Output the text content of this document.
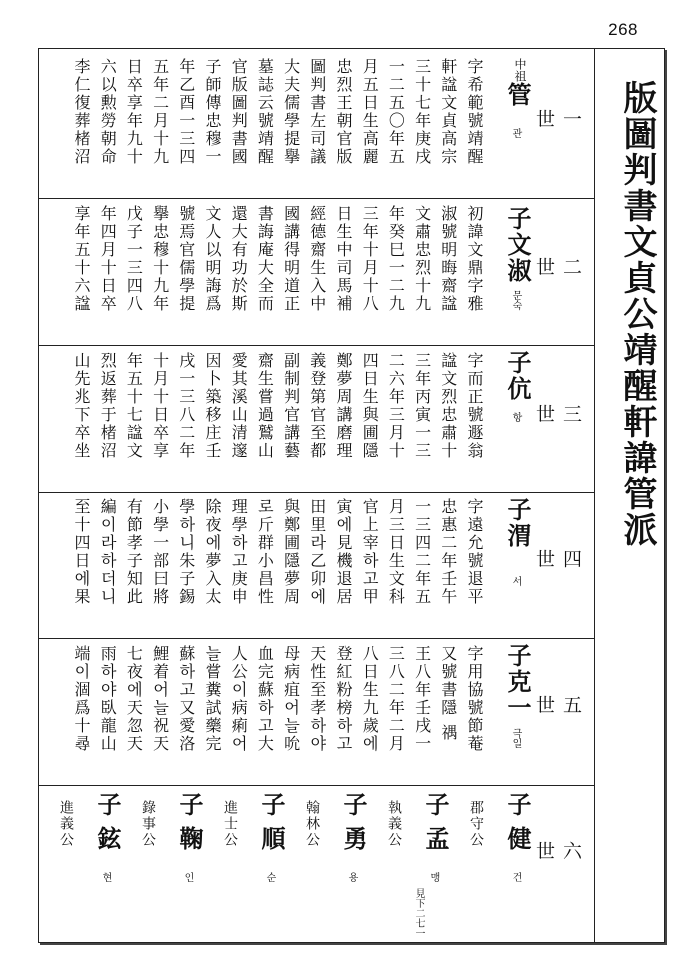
268
版圖判書文貞公靖醒軒諱管派
一 世
二 世
三 世
四 世
五 世
六 世
中祖
管
관
字希範號靖醒
軒諡文貞高宗
三十七年庚戌
一二五〇年五
月五日生高麗
忠烈王朝官版
圖判書左司議
大夫儒學提擧
墓誌云號靖醒
官版圖判書國
子師傳忠穆一
年乙酉一三四
五年二月十九
日卒享年九十
六以勲勞朝命
李仁復葬楮沼
子文淑
문숙
初諱文鼎字雅
淑號明晦齋諡
文肅忠烈十九
年癸巳一二九
三年十月十八
日生中司馬補
經德齋生入中
國講得明道正
書誨庵大全而
還大有功於斯
文人以明誨爲
號焉官儒學提
擧忠穆十九年
戊子一三四八
年四月十日卒
享年五十六諡
子伉
항
字而正號遯翁
諡文烈忠肅十
三年丙寅一三
二六年三月十
四日生與圃隱
鄭夢周講磨理
義登第官至都
副制判官講藝
齋生嘗過鷲山
愛其溪山清邃
因卜築移庄壬
戌一三八二年
十月十日卒享
年五十七諡文
烈返葬于楮沼
山先兆下卒坐
子渭
서
字遠允號退平
忠惠二年壬午
一三四二年五
月三日生文科
官上宰하고甲
寅에見機退居
田里라乙卯에
與鄭圃隱夢周
로斤群小昌性
理學하고庚申
除夜에夢入太
學하니朱子錫
小學一部曰將
有節孝子知此
編이라하더니
至十四日에果
子克一
극일
字用協號節菴
又號書隱 禑
王八年壬戌一
三八二年二月
八日生九歲에
登紅粉榜하고
天性至孝하야
母病疽어늘吮
血完蘇하고大
人公이病痢어
늘嘗糞試藥完
蘇하고又愛洛
鯉着어늘祝天
七夜에天忽天
雨하야臥龍山
端이涸爲十尋
子
健
건
郡守公
子
孟
맹
執義公
見下二七一
子
勇
용
翰林公
子
順
순
進士公
子
鞠
인
錄事公
子
鉉
현
進義公
